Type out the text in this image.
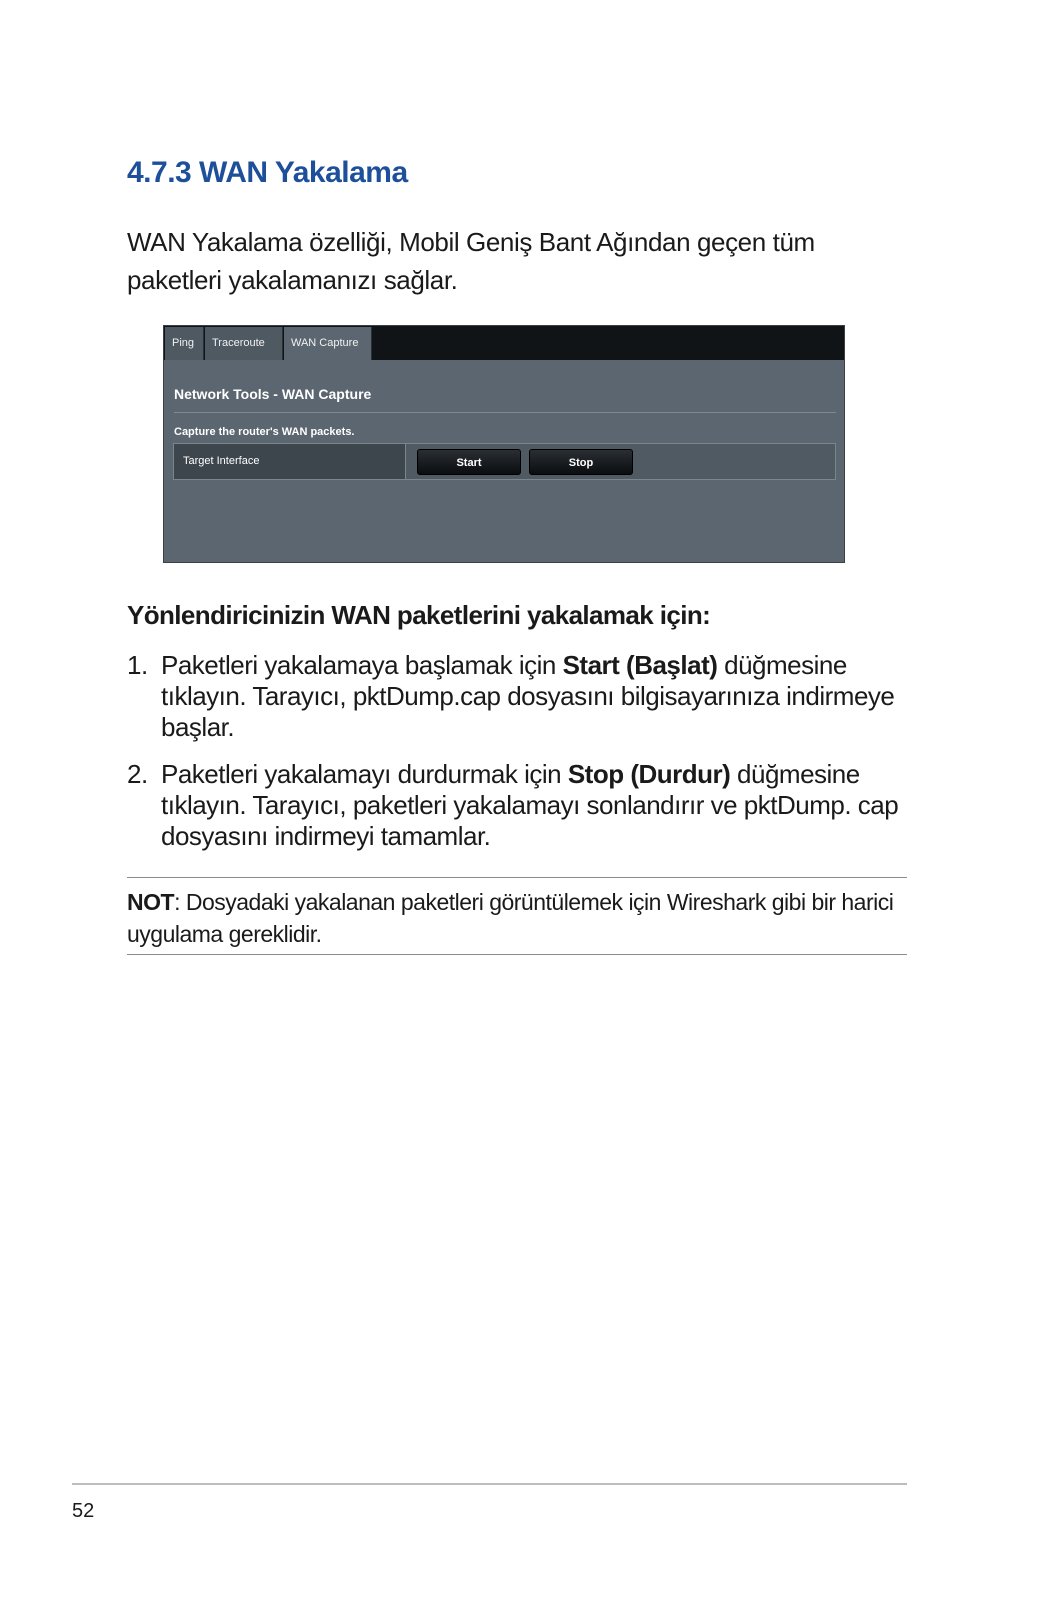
4.7.3 WAN Yakalama

WAN Yakalama özelliği, Mobil Geniş Bant Ağından geçen tüm paketleri yakalamanızı sağlar.

Ping	Traceroute	WAN Capture

Network Tools - WAN Capture

Capture the router's WAN packets.

Target Interface	Start	Stop
Yönlendiricinizin WAN paketlerini yakalamak için:
1. Paketleri yakalamaya başlamak için Start (Başlat) düğmesine tıklayın. Tarayıcı, pktDump.cap dosyasını bilgisayarınıza indirmeye başlar.
2. Paketleri yakalamayı durdurmak için Stop (Durdur) düğmesine tıklayın. Tarayıcı, paketleri yakalamayı sonlandırır ve pktDump. cap dosyasını indirmeyi tamamlar.

NOT: Dosyadaki yakalanan paketleri görüntülemek için Wireshark gibi bir harici uygulama gereklidir.

52
